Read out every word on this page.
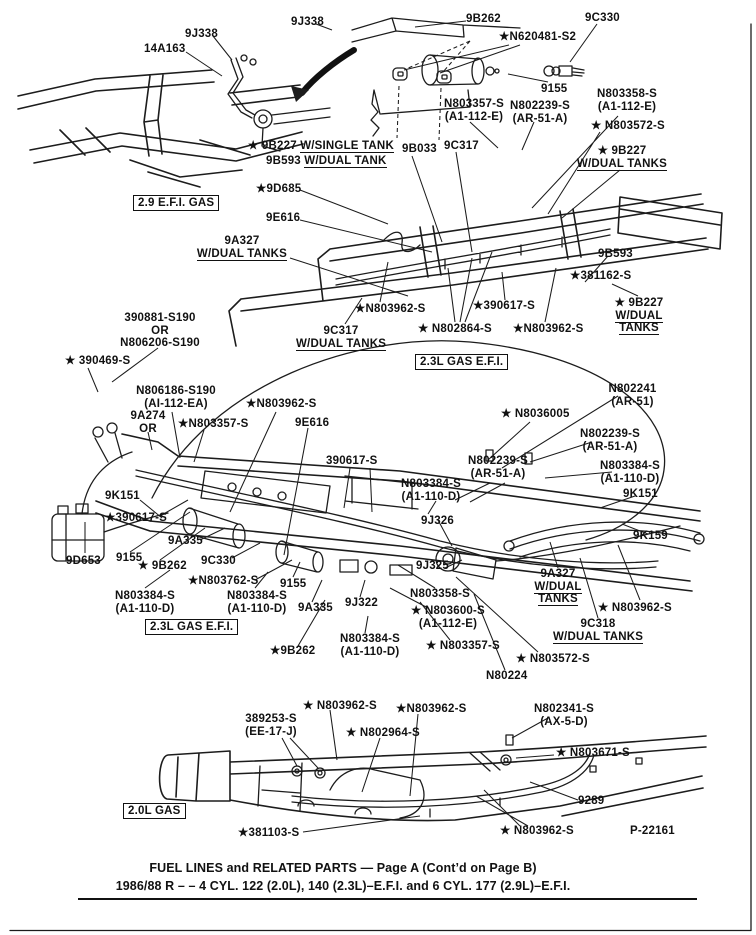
9J338
14A163
9J338	9B262
★N620481-S2
9C330
9155
N803357-S
(A1-112-E)
N802239-S
(AR-51-A)
N803358-S
(A1-112-E)
★ N803572-S
★ 9B227 W/SINGLE TANK
9B593 W/DUAL TANK
★ 9B227
W/DUAL TANKS
9B033 9C317
2.9 E.F.I. GAS
★9D685
9E616
9A327
W/DUAL TANKS
★N803962-S
9C317
W/DUAL TANKS
★ N802864-S
★390617-S
★N803962-S
9B593
★381162-S
★ 9B227
W/DUAL
TANKS
2.3L GAS E.F.I.
390881-S190
OR
N806206-S190
★ 390469-S
N806186-S190
(AI-112-EA)
9A274
OR	★N803357-S
★N803962-S
9E616
390617-S
N802241
(AR-51)
★ N8036005
N802239-S
(AR-51-A)
N802239-S
(AR-51-A)
N803384-S
(A1-110-D)
9K151
N803384-S
(A1-110-D)
9K151
★390617-S
9D653 9155
★ 9B262
9A335
9C330
★N803762-S 9155
9J326
9J325
9K159
N803384-S
(A1-110-D)
N803384-S
(A1-110-D) 9A335 9J322
N803358-S
★ N803600-S
(A1-112-E)
9A327
W/DUAL
TANKS
★ N803962-S
9C318
W/DUAL TANKS
2.3L GAS E.F.I.
N803384-S
(A1-110-D)
★9B262	★ N803357-S
★ N803572-S
N80224
★ N803962-S
389253-S
(EE-17-J)	★ N802964-S
★N803962-S	N802341-S
(AX-5-D)
★ N803671-S
9289
2.0L GAS
★381103-S	★ N803962-S	P-22161
FUEL LINES and RELATED PARTS — Page A (Cont’d on Page B)
1986/88 R – – 4 CYL. 122 (2.0L), 140 (2.3L)–E.F.I. and 6 CYL. 177 (2.9L)–E.F.I.
